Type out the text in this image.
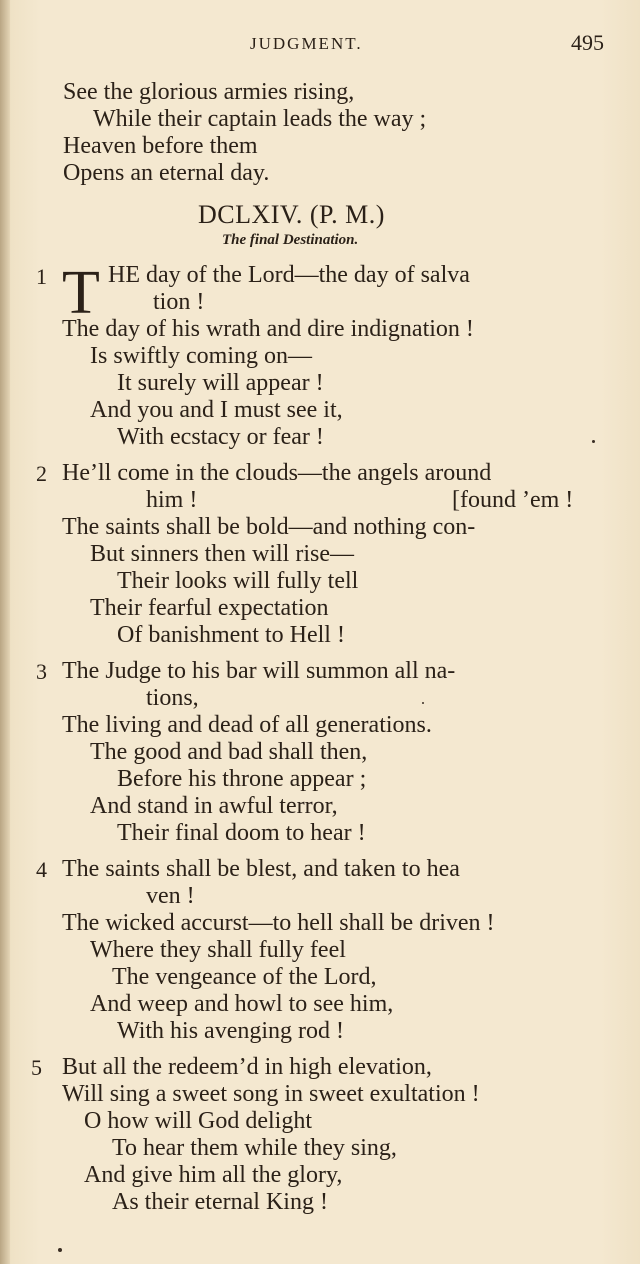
JUDGMENT.	495
See the glorious armies rising,
While their captain leads the way ;
Heaven before them
Opens an eternal day.
DCLXIV. (P. M.)
The final Destination.
1 T HE day of the Lord—the day of salva
tion !
The day of his wrath and dire indignation !
Is swiftly coming on—
It surely will appear !
And you and I must see it,
With ecstacy or fear !
2 He’ll come in the clouds—the angels around
him !	[found ’em !
The saints shall be bold—and nothing con-
But sinners then will rise—
Their looks will fully tell
Their fearful expectation
Of banishment to Hell !
3 The Judge to his bar will summon all na-
tions,
The living and dead of all generations.
The good and bad shall then,
Before his throne appear ;
And stand in awful terror,
Their final doom to hear !
4 The saints shall be blest, and taken to hea
ven !
The wicked accurst—to hell shall be driven !
Where they shall fully feel
The vengeance of the Lord,
And weep and howl to see him,
With his avenging rod !
5 But all the redeem’d in high elevation,
Will sing a sweet song in sweet exultation !
O how will God delight
To hear them while they sing,
And give him all the glory,
As their eternal King !
